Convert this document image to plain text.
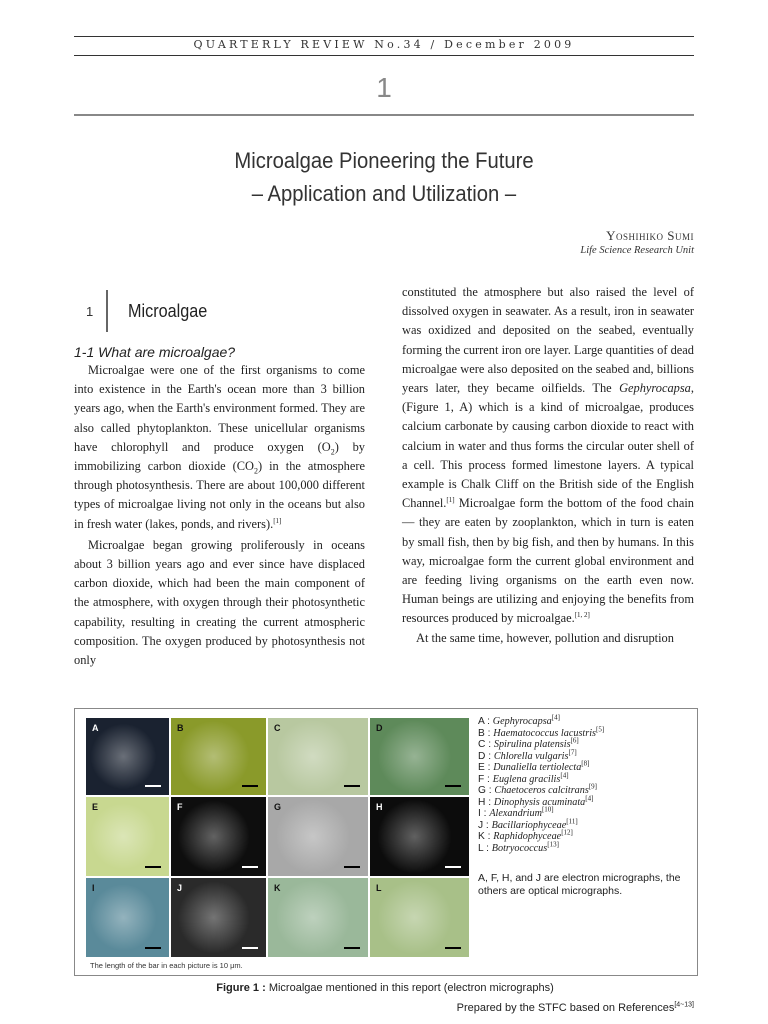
QUARTERLY REVIEW No.34 / December 2009
1
Microalgae Pioneering the Future
– Application and Utilization –
Yoshihiko Sumi
Life Science Research Unit
1 Microalgae
1-1 What are microalgae?

Microalgae were one of the first organisms to come into existence in the Earth's ocean more than 3 billion years ago, when the Earth's environment formed. They are also called phytoplankton. These unicellular organisms have chlorophyll and produce oxygen $(O_2)$ by immobilizing carbon dioxide $(CO_2)$ in the atmosphere through photosynthesis. There are about 100,000 different types of microalgae living not only in the oceans but also in fresh water (lakes, ponds, and rivers).[1]

Microalgae began growing proliferously in oceans about 3 billion years ago and ever since have displaced carbon dioxide, which had been the main component of the atmosphere, with oxygen through their photosynthetic capability, resulting in creating the current atmospheric composition. The oxygen produced by photosynthesis not only

constituted the atmosphere but also raised the level of dissolved oxygen in seawater. As a result, iron in seawater was oxidized and deposited on the seabed, eventually forming the current iron ore layer. Large quantities of dead microalgae were also deposited on the seabed and, billions years later, they became oilfields. The Gephyrocapsa,(Figure 1, A) which is a kind of microalgae, produces calcium carbonate by causing carbon dioxide to react with calcium in water and thus forms the circular outer shell of a cell. This process formed limestone layers. A typical example is Chalk Cliff on the British side of the English Channel.[1] Microalgae form the bottom of the food chain — they are eaten by zooplankton, which in turn is eaten by small fish, then by big fish, and then by humans. In this way, microalgae form the current global environment and are feeding living organisms on the earth even now. Human beings are utilizing and enjoying the benefits from resources produced by microalgae.[1, 2]

At the same time, however, pollution and disruption

A	B	C	D
E	F	G	H
I	J	K	L
A : Gephyrocapsa[4]
B : Haematococcus lacustris[5]
C : Spirulina platensis[6]
D : Chlorella vulgaris[7]
E : Dunaliella tertiolecta[8]
F : Euglena gracilis[4]
G : Chaetoceros calcitrans[9]
H : Dinophysis acuminata[4]
I : Alexandrium[10]
J : Bacillariophyceae[11]
K : Raphidophyceae[12]
L : Botryococcus[13]
A, F, H, and J are electron micrographs, the others are optical micrographs.
The length of the bar in each picture is 10 μm.
Figure 1 : Microalgae mentioned in this report (electron micrographs)
Prepared by the STFC based on References[4~13]
